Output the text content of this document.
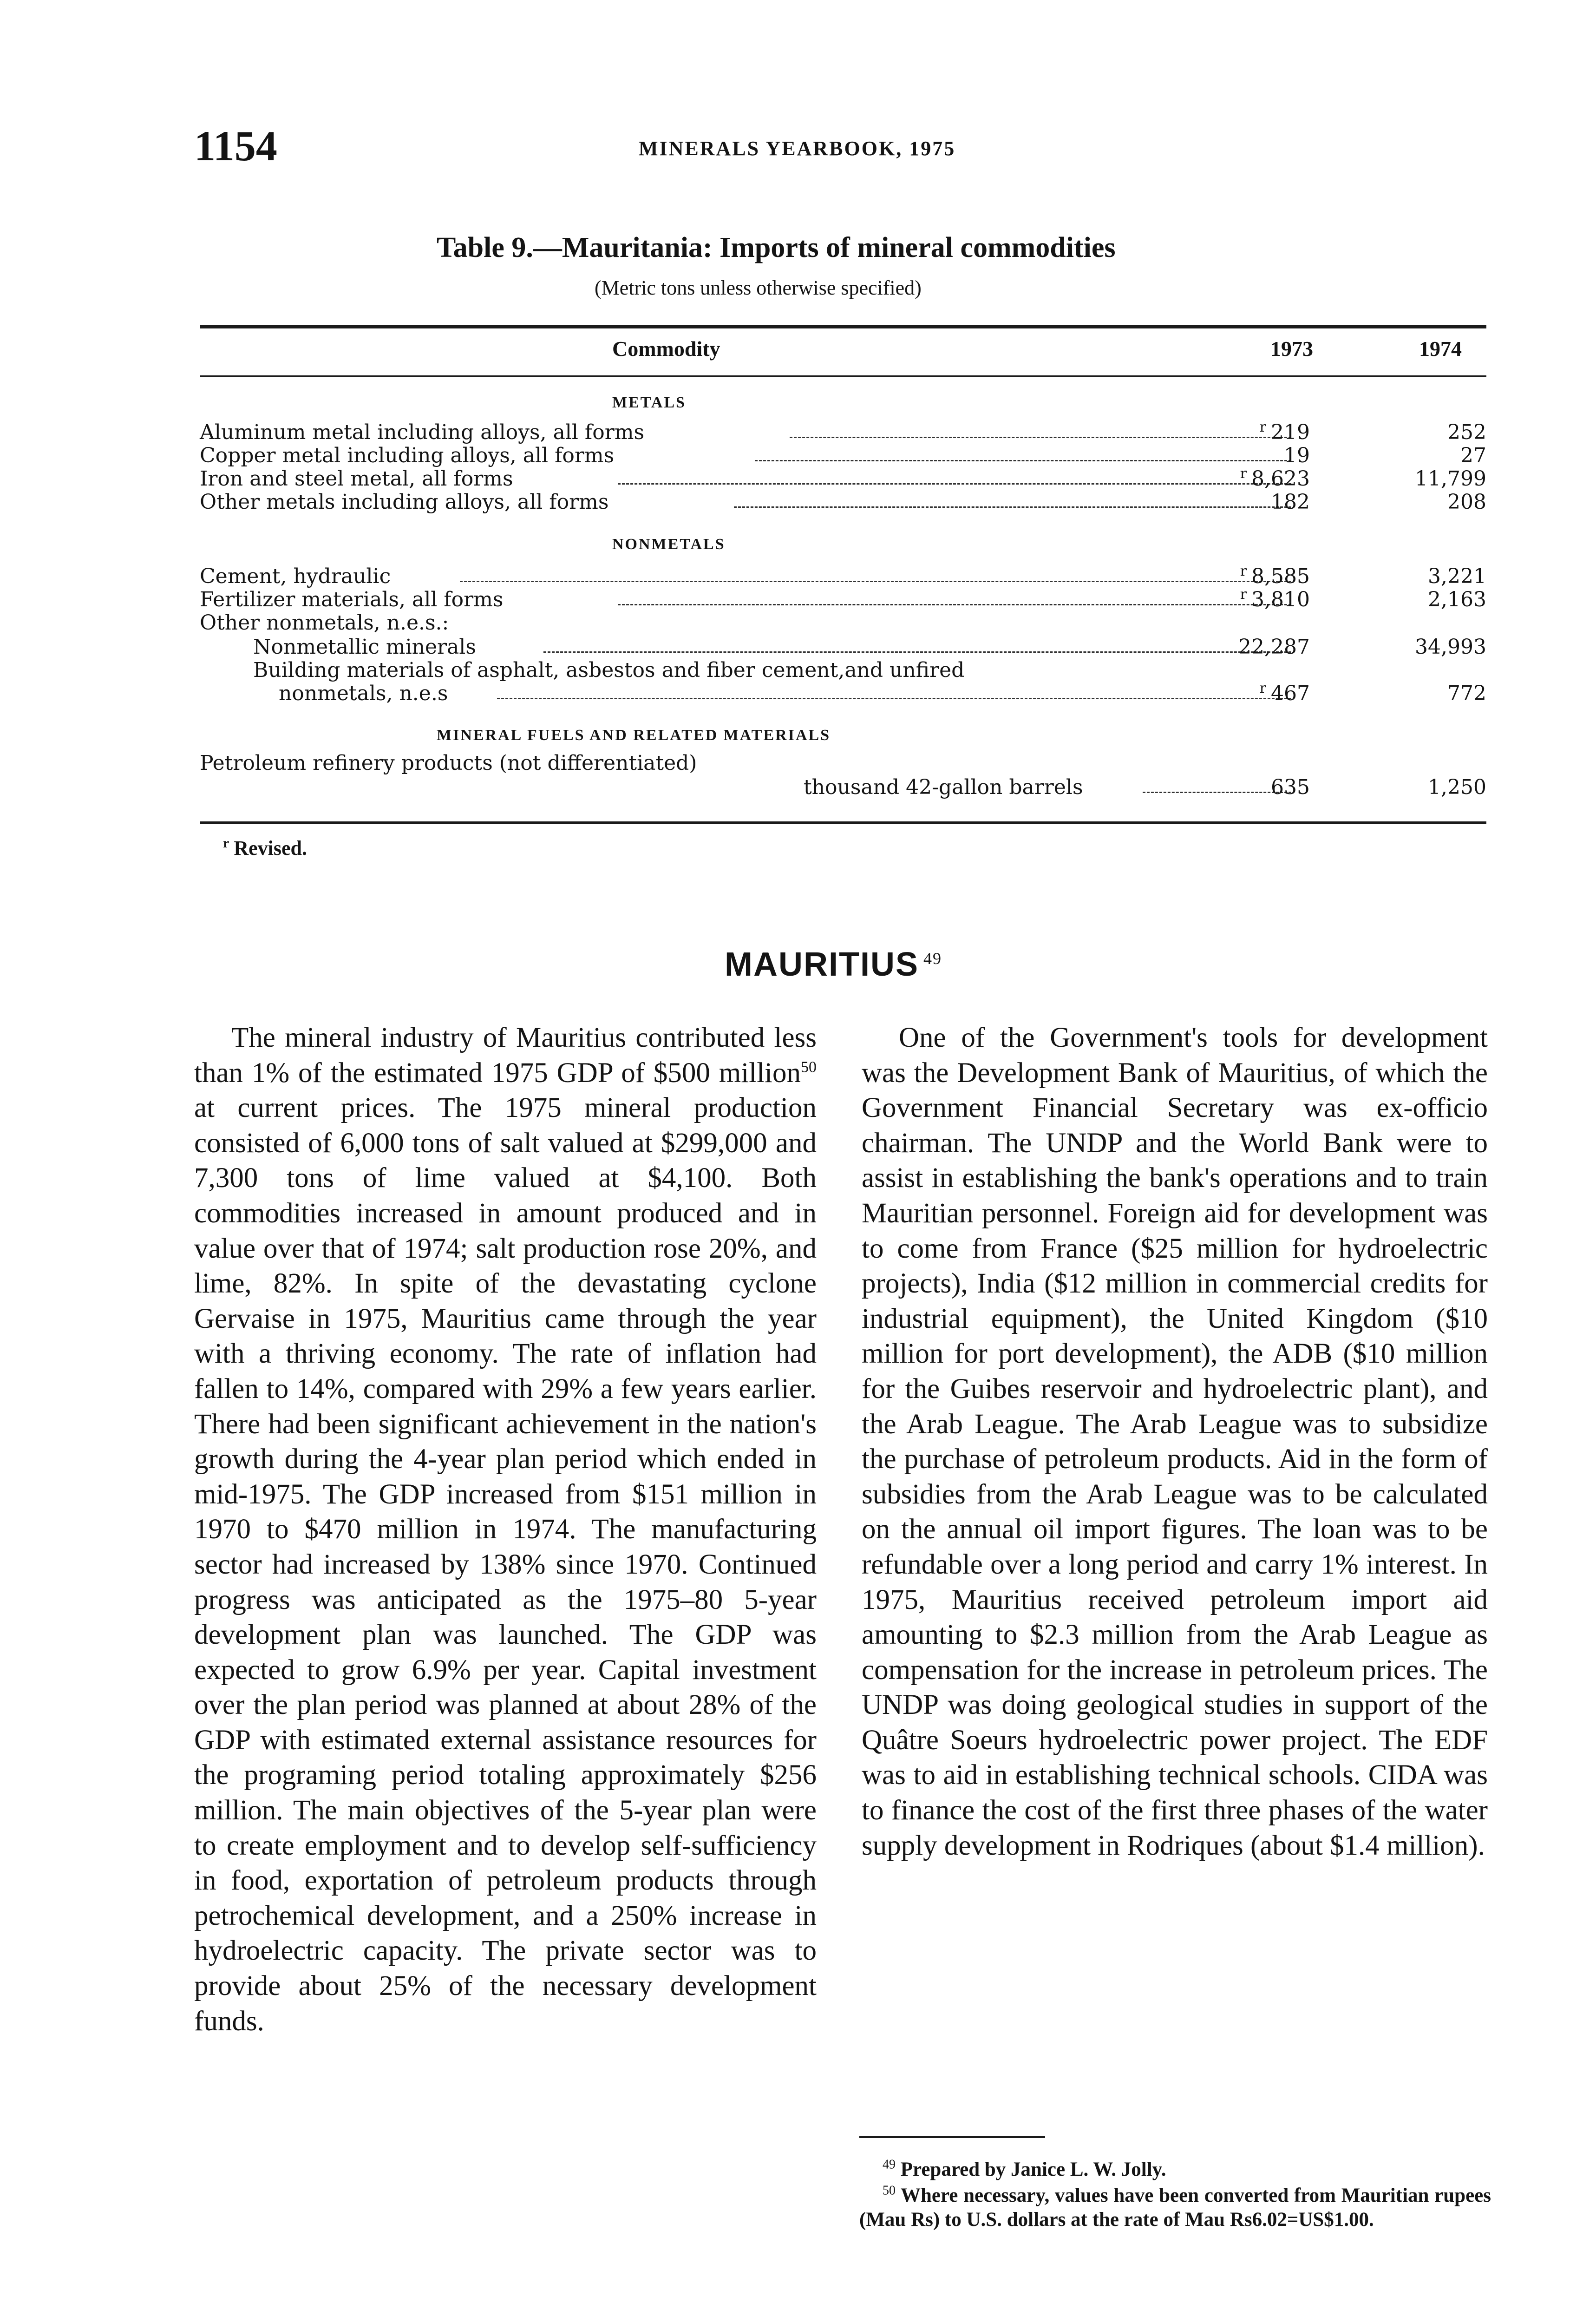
1154	MINERALS YEARBOOK, 1975
Table 9.—Mauritania: Imports of mineral commodities
(Metric tons unless otherwise specified)
Commodity	1973	1974
METALS
Aluminum metal including alloys, all forms	$^r$ 219	252
Copper metal including alloys, all forms	19	27
Iron and steel metal, all forms	$^r$ 8,623	11,799
Other metals including alloys, all forms	182	208
NONMETALS
Cement, hydraulic	$^r$ 8,585	3,221
Fertilizer materials, all forms	$^r$ 3,810	2,163
Other nonmetals, n.e.s.:
Nonmetallic minerals	22,287	34,993
Building materials of asphalt, asbestos and fiber cement,and unfired
nonmetals, n.e.s	$^r$ 467	772
MINERAL FUELS AND RELATED MATERIALS
Petroleum refinery products (not differentiated)
thousand 42-gallon barrels	635	1,250
$^r$ Revised.
MAURITIUS $^{49}$
The mineral industry of Mauritius contributed less than 1% of the estimated 1975 GDP of $500 million$^{50}$ at current prices. The 1975 mineral production consisted of 6,000 tons of salt valued at $299,000 and 7,300 tons of lime valued at $4,100. Both commodities increased in amount produced and in value over that of 1974; salt production rose 20%, and lime, 82%. In spite of the devastating cyclone Gervaise in 1975, Mauritius came through the year with a thriving economy. The rate of inflation had fallen to 14%, compared with 29% a few years earlier. There had been significant achievement in the nation's growth during the 4-year plan period which ended in mid-1975. The GDP increased from $151 million in 1970 to $470 million in 1974. The manufacturing sector had increased by 138% since 1970. Continued progress was anticipated as the 1975–80 5-year development plan was launched. The GDP was expected to grow 6.9% per year. Capital investment over the plan period was planned at about 28% of the GDP with estimated external assistance resources for the programing period totaling approximately $256 million. The main objectives of the 5-year plan were to create employment and to develop self-sufficiency in food, exportation of petroleum products through petrochemical development, and a 250% increase in hydroelectric capacity. The private sector was to provide about 25% of the necessary development funds.
One of the Government's tools for development was the Development Bank of Mauritius, of which the Government Financial Secretary was ex-officio chairman. The UNDP and the World Bank were to assist in establishing the bank's operations and to train Mauritian personnel. Foreign aid for development was to come from France ($25 million for hydroelectric projects), India ($12 million in commercial credits for industrial equipment), the United Kingdom ($10 million for port development), the ADB ($10 million for the Guibes reservoir and hydroelectric plant), and the Arab League. The Arab League was to subsidize the purchase of petroleum products. Aid in the form of subsidies from the Arab League was to be calculated on the annual oil import figures. The loan was to be refundable over a long period and carry 1% interest. In 1975, Mauritius received petroleum import aid amounting to $2.3 million from the Arab League as compensation for the increase in petroleum prices. The UNDP was doing geological studies in support of the Quâtre Soeurs hydroelectric power project. The EDF was to aid in establishing technical schools. CIDA was to finance the cost of the first three phases of the water supply development in Rodriques (about $1.4 million).
$^{49}$ Prepared by Janice L. W. Jolly.
$^{50}$ Where necessary, values have been converted from Mauritian rupees (Mau Rs) to U.S. dollars at the rate of Mau Rs6.02=US$1.00.
